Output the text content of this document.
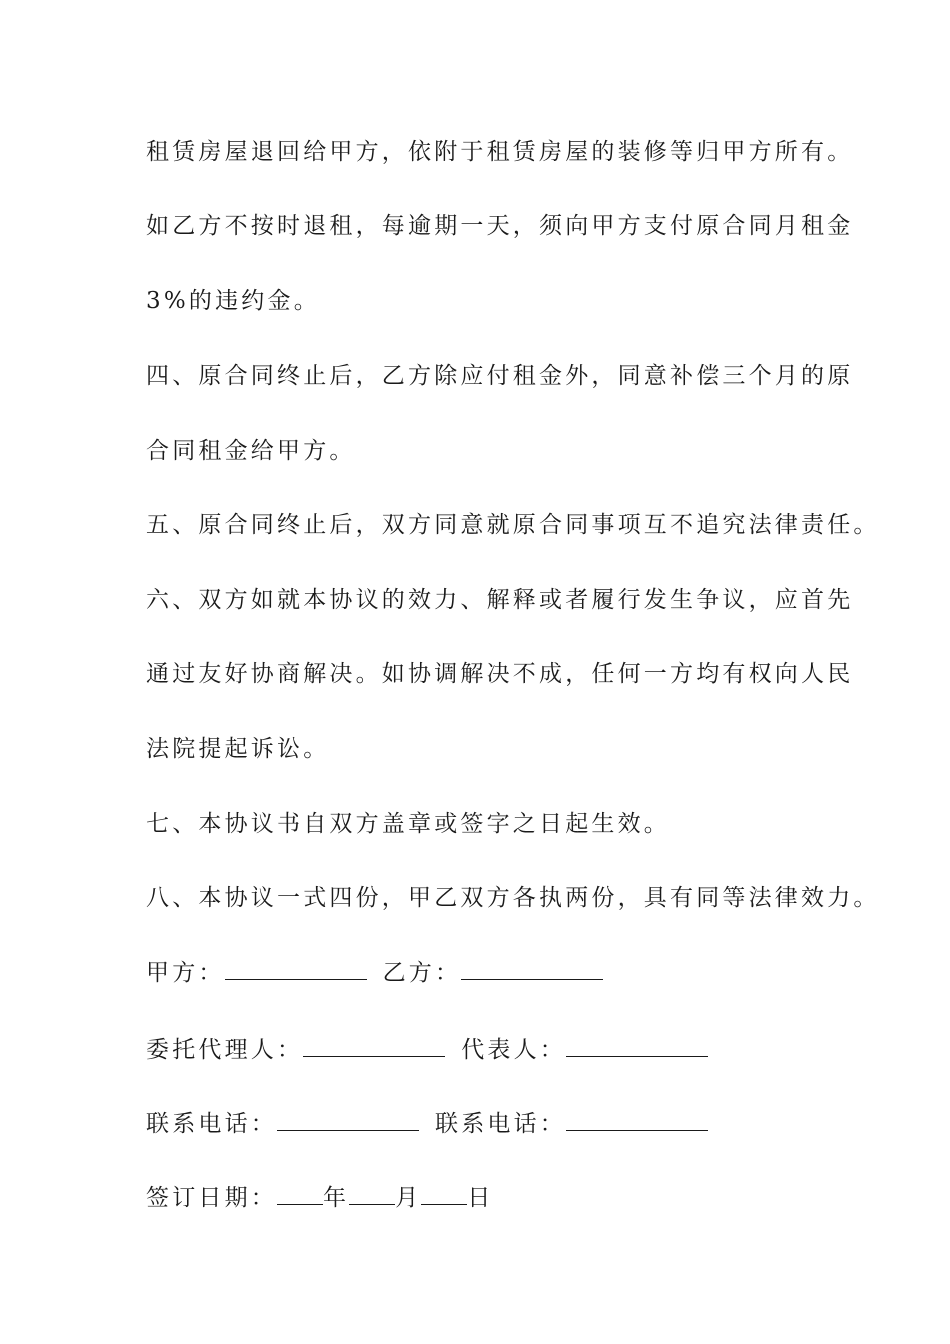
租赁房屋退回给甲方，依附于租赁房屋的装修等归甲方所有。
如乙方不按时退租，每逾期一天，须向甲方支付原合同月租金
3%的违约金。
四、原合同终止后，乙方除应付租金外，同意补偿三个月的原
合同租金给甲方。
五、原合同终止后，双方同意就原合同事项互不追究法律责任。
六、双方如就本协议的效力、解释或者履行发生争议，应首先
通过友好协商解决。如协调解决不成，任何一方均有权向人民
法院提起诉讼。
七、本协议书自双方盖章或签字之日起生效。
八、本协议一式四份，甲乙双方各执两份，具有同等法律效力。
甲方：	乙方：
委托代理人：	代表人：
联系电话：	联系电话：
签订日期： 年 月 日
